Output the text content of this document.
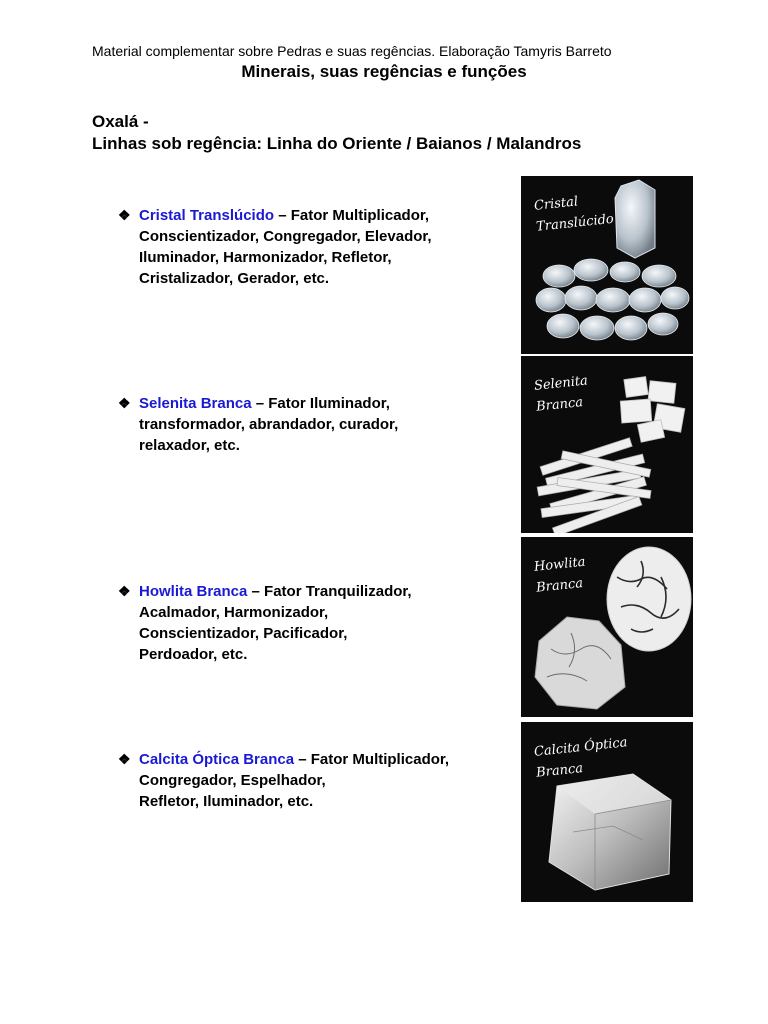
Material complementar sobre Pedras e suas regências. Elaboração Tamyris Barreto
Minerais, suas regências e funções
Oxalá -
Linhas sob regência: Linha do Oriente / Baianos / Malandros
❖ Cristal Translúcido – Fator Multiplicador,
Conscientizador, Congregador, Elevador,
Iluminador, Harmonizador, Refletor,
Cristalizador, Gerador, etc.
❖ Selenita Branca – Fator Iluminador,
transformador, abrandador, curador,
relaxador, etc.
❖ Howlita Branca – Fator Tranquilizador,
Acalmador, Harmonizador,
Conscientizador, Pacificador,
Perdoador, etc.
❖ Calcita Óptica Branca – Fator Multiplicador,
Congregador, Espelhador,
Refletor, Iluminador, etc.
Cristal
Translúcido
Selenita
Branca
Howlita
Branca
Calcita Óptica
Branca
